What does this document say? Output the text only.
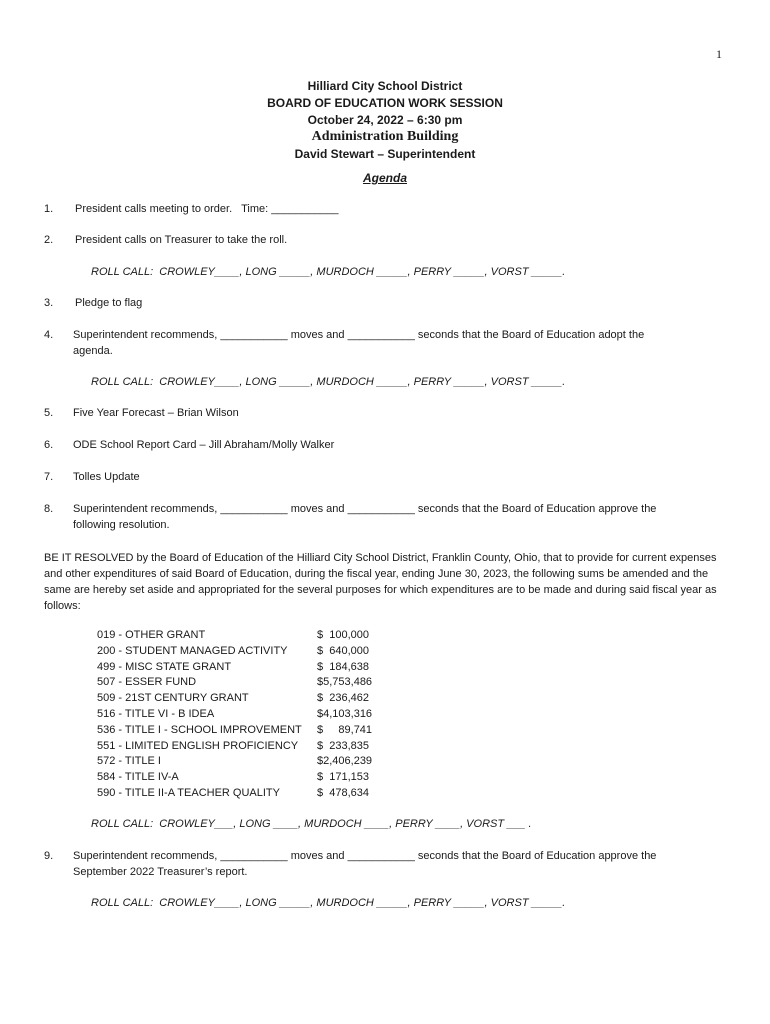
1
Hilliard City School District
BOARD OF EDUCATION WORK SESSION
October 24, 2022 – 6:30 pm
Administration Building
David Stewart – Superintendent
Agenda
1. President calls meeting to order.   Time: ___________
2. President calls on Treasurer to take the roll.
ROLL CALL:  CROWLEY____, LONG _____, MURDOCH _____, PERRY _____, VORST _____.
3. Pledge to flag
4. Superintendent recommends, ___________ moves and ___________ seconds that the Board of Education adopt the
agenda.
ROLL CALL:  CROWLEY____, LONG _____, MURDOCH _____, PERRY _____, VORST _____.
5. Five Year Forecast – Brian Wilson
6. ODE School Report Card – Jill Abraham/Molly Walker
7. Tolles Update
8. Superintendent recommends, ___________ moves and ___________ seconds that the Board of Education approve the
following resolution.
BE IT RESOLVED by the Board of Education of the Hilliard City School District, Franklin County, Ohio, that to provide for current expenses and other expenditures of said Board of Education, during the fiscal year, ending June 30, 2023, the following sums be amended and the same are hereby set aside and appropriated for the several purposes for which expenditures are to be made and during said fiscal year as follows:
019 - OTHER GRANT	$  100,000
200 - STUDENT MANAGED ACTIVITY	$  640,000
499 - MISC STATE GRANT	$  184,638
507 - ESSER FUND	$5,753,486
509 - 21ST CENTURY GRANT	$  236,462
516 - TITLE VI - B IDEA	$4,103,316
536 - TITLE I - SCHOOL IMPROVEMENT $     89,741
551 - LIMITED ENGLISH PROFICIENCY $  233,835
572 - TITLE I	$2,406,239
584 - TITLE IV-A	$  171,153
590 - TITLE II-A TEACHER QUALITY	$  478,634
ROLL CALL:  CROWLEY___, LONG ____, MURDOCH ____, PERRY ____, VORST ___ .
9. Superintendent recommends, ___________ moves and ___________ seconds that the Board of Education approve the
September 2022 Treasurer’s report.
ROLL CALL:  CROWLEY____, LONG _____, MURDOCH _____, PERRY _____, VORST _____.
